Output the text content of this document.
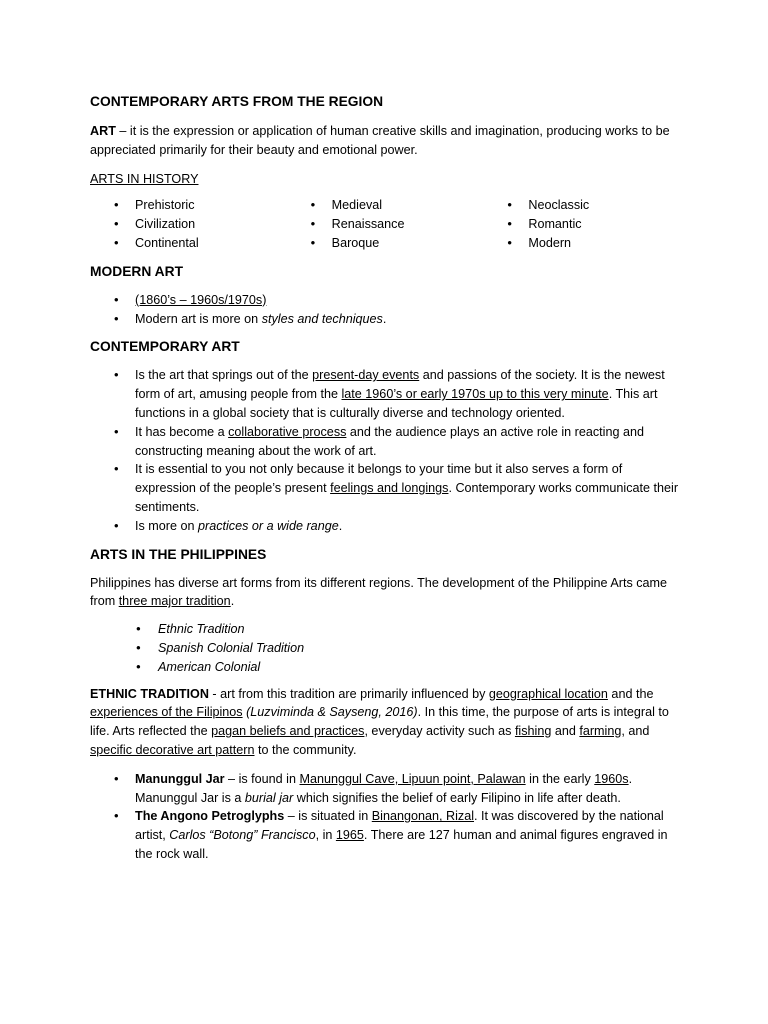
CONTEMPORARY ARTS FROM THE REGION

ART – it is the expression or application of human creative skills and imagination, producing works to be appreciated primarily for their beauty and emotional power.

ARTS IN HISTORY

• Prehistoric
• Civilization
• Continental
• Medieval
• Renaissance
• Baroque
• Neoclassic
• Romantic
• Modern
MODERN ART
• (1860’s – 1960s/1970s)
• Modern art is more on styles and techniques.
CONTEMPORARY ART
• Is the art that springs out of the present-day events and passions of the society. It is the newest form of art, amusing people from the late 1960’s or early 1970s up to this very minute. This art functions in a global society that is culturally diverse and technology oriented.
• It has become a collaborative process and the audience plays an active role in reacting and constructing meaning about the work of art.
• It is essential to you not only because it belongs to your time but it also serves a form of expression of the people’s present feelings and longings. Contemporary works communicate their sentiments.
• Is more on practices or a wide range.
ARTS IN THE PHILIPPINES

Philippines has diverse art forms from its different regions. The development of the Philippine Arts came from three major tradition.

• Ethnic Tradition
• Spanish Colonial Tradition
• American Colonial

ETHNIC TRADITION - art from this tradition are primarily influenced by geographical location and the experiences of the Filipinos (Luzviminda & Sayseng, 2016). In this time, the purpose of arts is integral to life. Arts reflected the pagan beliefs and practices, everyday activity such as fishing and farming, and specific decorative art pattern to the community.

• Manunggul Jar – is found in Manunggul Cave, Lipuun point, Palawan in the early 1960s. Manunggul Jar is a burial jar which signifies the belief of early Filipino in life after death.
• The Angono Petroglyphs – is situated in Binangonan, Rizal. It was discovered by the national artist, Carlos “Botong” Francisco, in 1965. There are 127 human and animal figures engraved in the rock wall.
